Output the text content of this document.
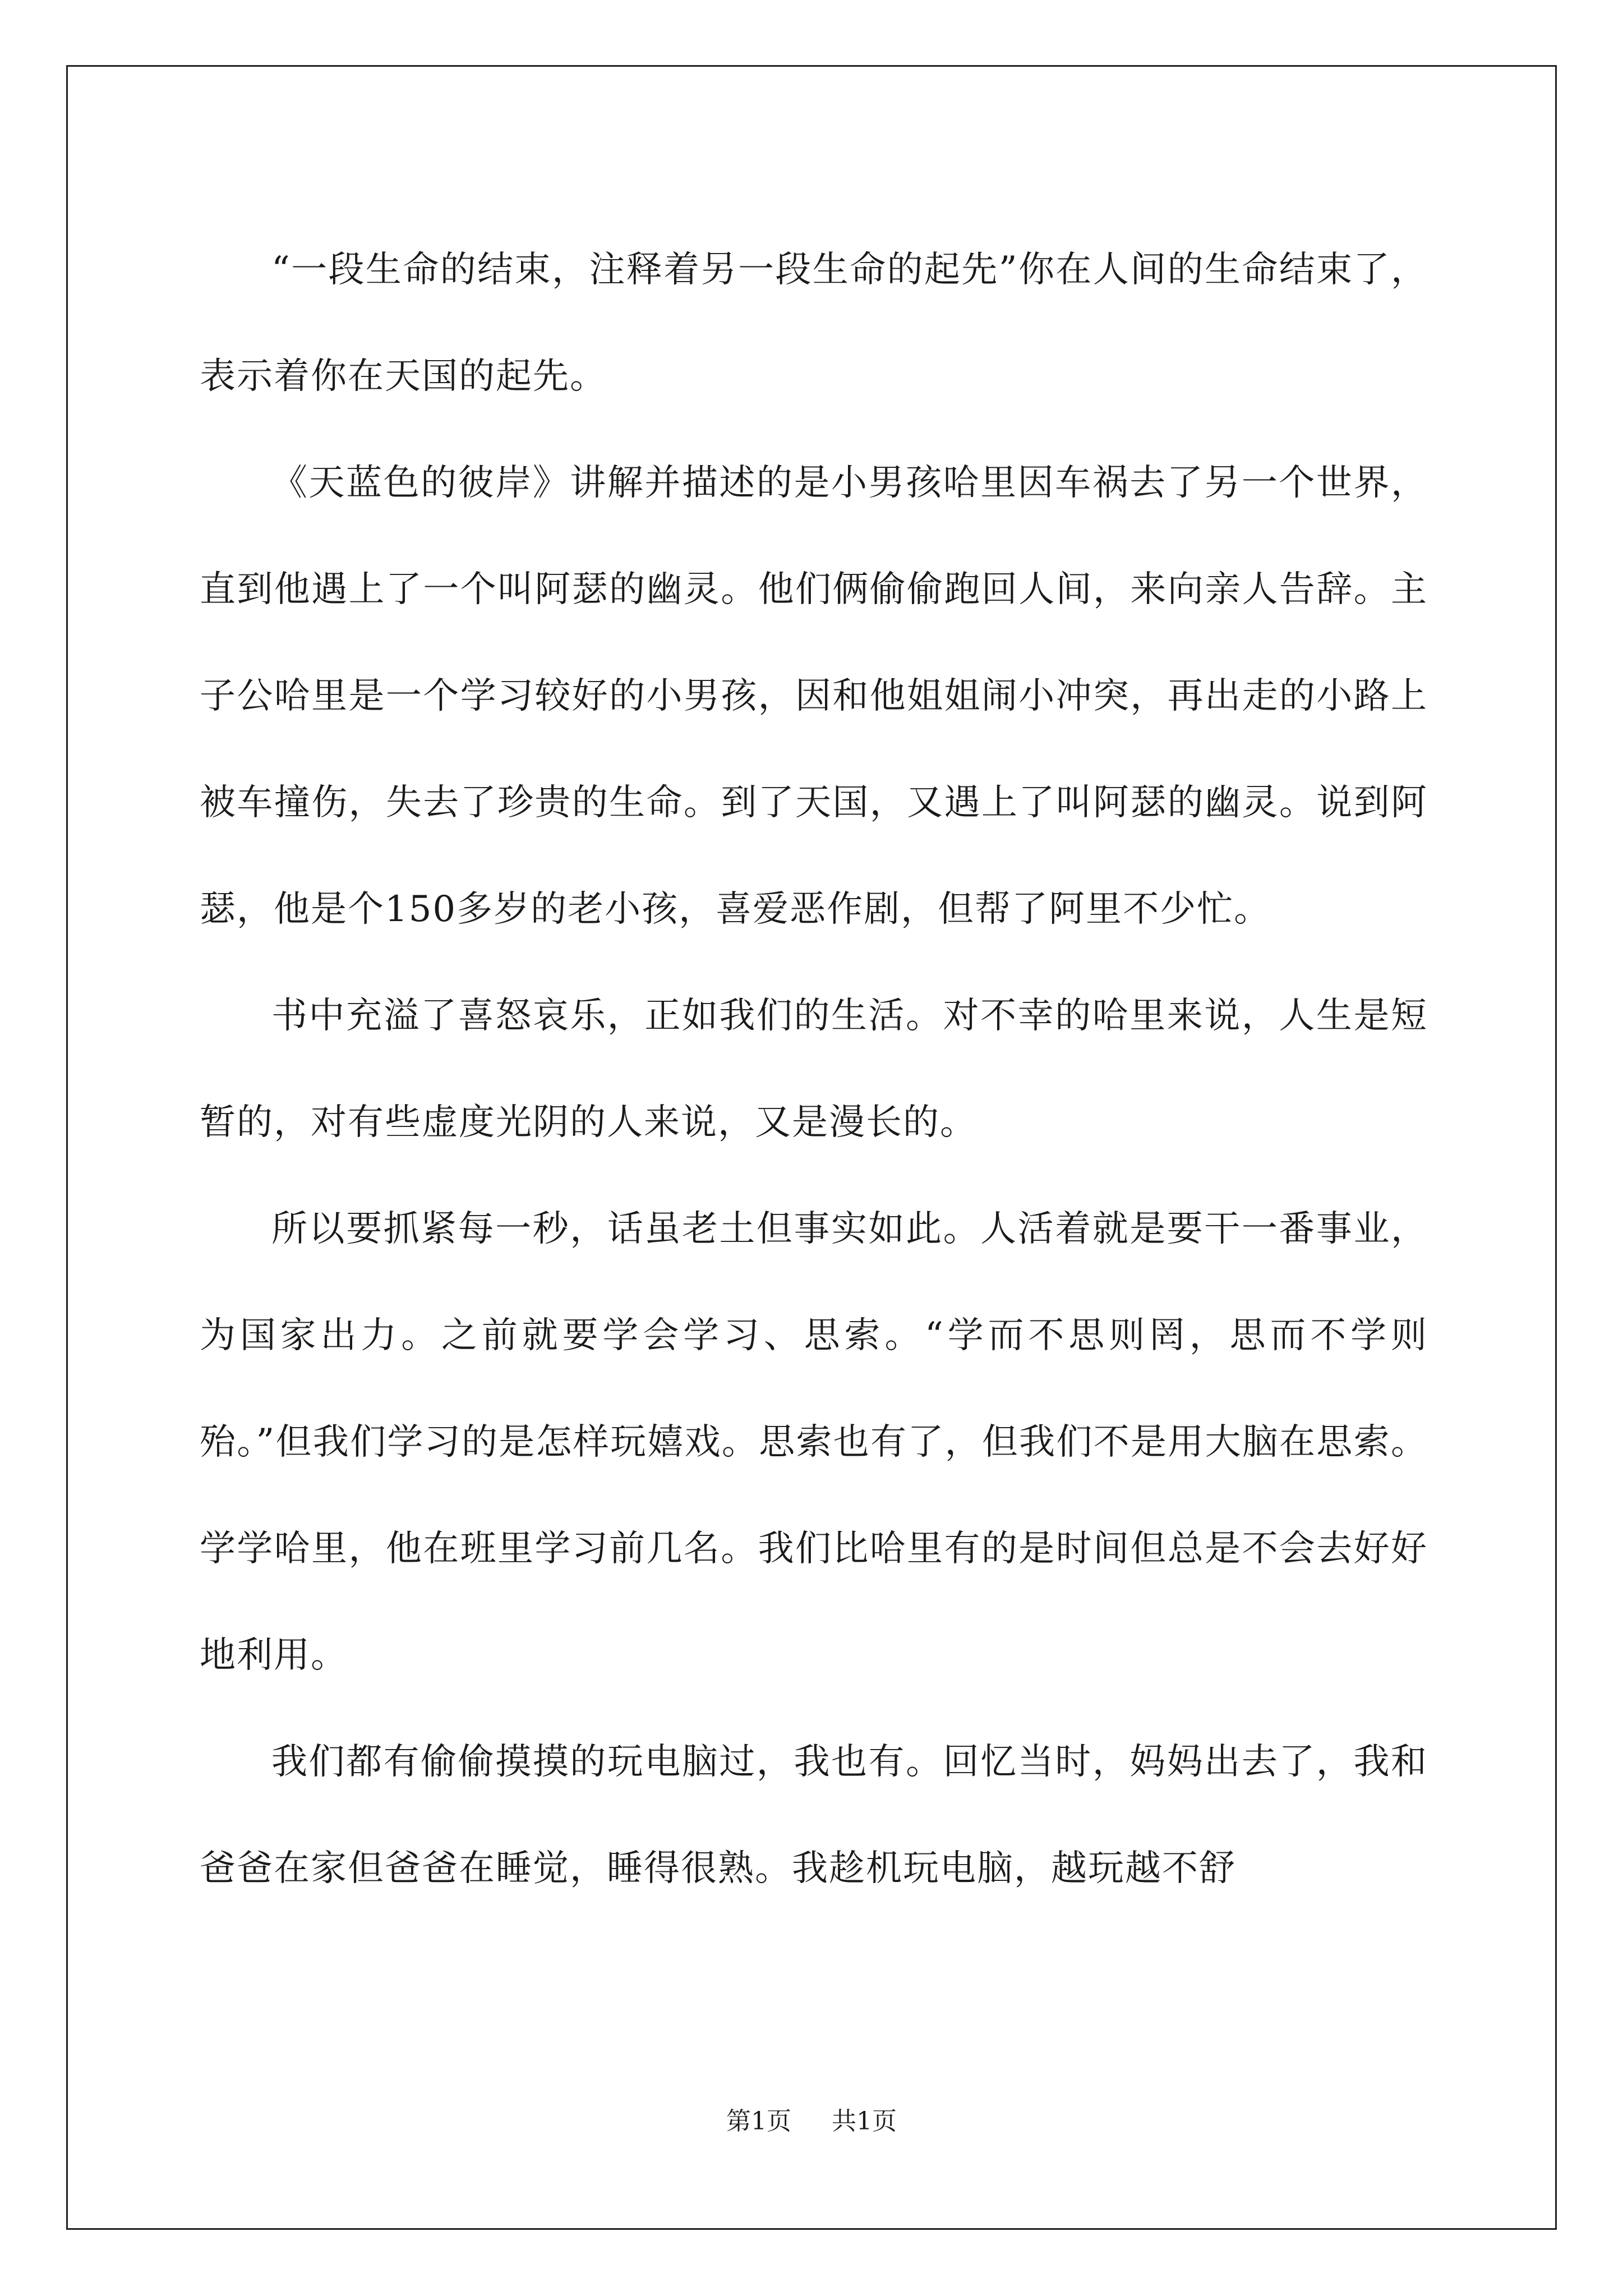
“一段生命的结束，注释着另一段生命的起先”你在人间的生命结束了，表示着你在天国的起先。

《天蓝色的彼岸》讲解并描述的是小男孩哈里因车祸去了另一个世界，直到他遇上了一个叫阿瑟的幽灵。他们俩偷偷跑回人间，来向亲人告辞。主子公哈里是一个学习较好的小男孩，因和他姐姐闹小冲突，再出走的小路上被车撞伤，失去了珍贵的生命。到了天国，又遇上了叫阿瑟的幽灵。说到阿瑟，他是个150多岁的老小孩，喜爱恶作剧，但帮了阿里不少忙。

书中充溢了喜怒哀乐，正如我们的生活。对不幸的哈里来说，人生是短暂的，对有些虚度光阴的人来说，又是漫长的。

所以要抓紧每一秒，话虽老土但事实如此。人活着就是要干一番事业，为国家出力。之前就要学会学习、思索。“学而不思则罔，思而不学则殆。”但我们学习的是怎样玩嬉戏。思索也有了，但我们不是用大脑在思索。学学哈里，他在班里学习前几名。我们比哈里有的是时间但总是不会去好好地利用。

我们都有偷偷摸摸的玩电脑过，我也有。回忆当时，妈妈出去了，我和爸爸在家但爸爸在睡觉，睡得很熟。我趁机玩电脑，越玩越不舒

第1页 共1页
